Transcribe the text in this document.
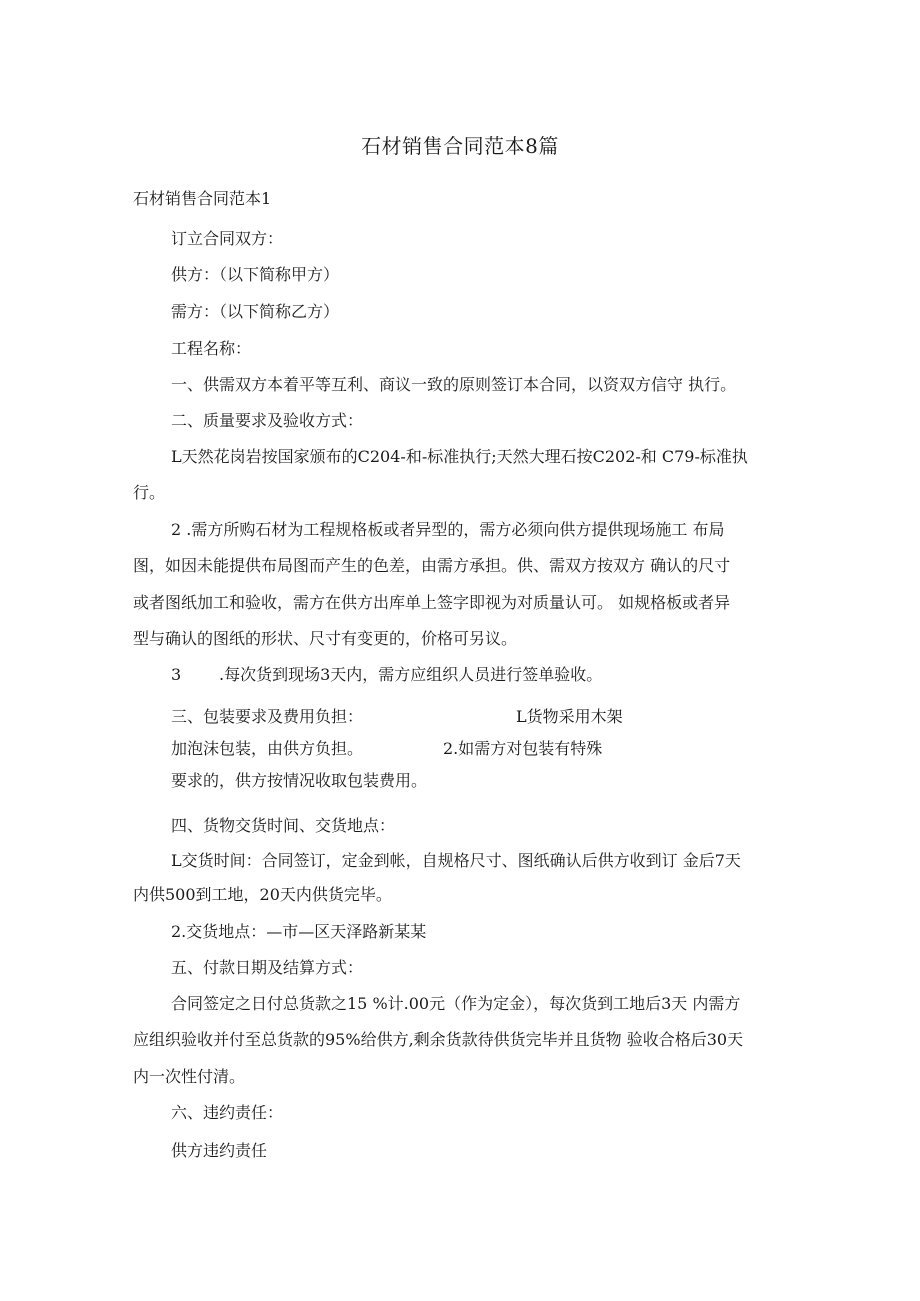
石材销售合同范本8篇
石材销售合同范本1
订立合同双方：
供方：（以下简称甲方）
需方：（以下简称乙方）
工程名称：
一、供需双方本着平等互利、商议一致的原则签订本合同，以资双方信守 执行。
二、质量要求及验收方式：
L天然花岗岩按国家颁布的C204-和-标准执行;天然大理石按C202-和 C79-标准执
行。
2 .需方所购石材为工程规格板或者异型的，需方必须向供方提供现场施工 布局
图，如因未能提供布局图而产生的色差，由需方承担。供、需双方按双方 确认的尺寸
或者图纸加工和验收，需方在供方出库单上签字即视为对质量认可。 如规格板或者异
型与确认的图纸的形状、尺寸有变更的，价格可另议。
3 .每次货到现场3天内，需方应组织人员进行签单验收。
三、包装要求及费用负担：	L货物采用木架
加泡沫包装，由供方负担。	2.如需方对包装有特殊
要求的，供方按情况收取包装费用。
四、货物交货时间、交货地点：
L交货时间：合同签订，定金到帐，自规格尺寸、图纸确认后供方收到订 金后7天
内供500到工地，20天内供货完毕。
2.交货地点：—市—区天泽路新某某
五、付款日期及结算方式：
合同签定之日付总货款之15 %计.00元（作为定金），每次货到工地后3天 内需方
应组织验收并付至总货款的95%给供方,剩余货款待供货完毕并且货物 验收合格后30天
内一次性付清。
六、违约责任：
供方违约责任
